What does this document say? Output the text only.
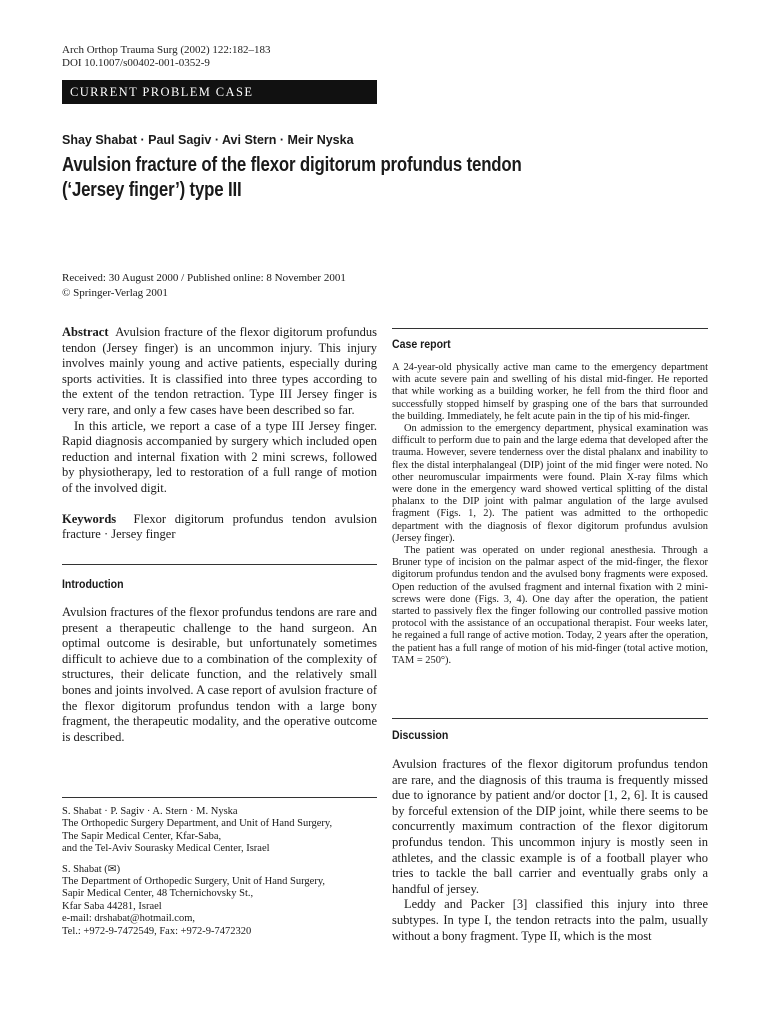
Arch Orthop Trauma Surg (2002) 122:182–183
DOI 10.1007/s00402-001-0352-9
CURRENT PROBLEM CASE
Shay Shabat · Paul Sagiv · Avi Stern · Meir Nyska
Avulsion fracture of the flexor digitorum profundus tendon (‘Jersey finger’) type III
Received: 30 August 2000 / Published online: 8 November 2001
© Springer-Verlag 2001

Abstract Avulsion fracture of the flexor digitorum profundus tendon (Jersey finger) is an uncommon injury. This injury involves mainly young and active patients, especially during sports activities. It is classified into three types according to the extent of the tendon retraction. Type III Jersey finger is very rare, and only a few cases have been described so far.

In this article, we report a case of a type III Jersey finger. Rapid diagnosis accompanied by surgery which included open reduction and internal fixation with 2 mini screws, followed by physiotherapy, led to restoration of a full range of motion of the involved digit.

Keywords Flexor digitorum profundus tendon avulsion fracture · Jersey finger

Introduction

Avulsion fractures of the flexor profundus tendons are rare and present a therapeutic challenge to the hand surgeon. An optimal outcome is desirable, but unfortunately sometimes difficult to achieve due to a combination of the complexity of structures, their delicate function, and the relatively small bones and joints involved. A case report of avulsion fracture of the flexor digitorum profundus tendon with a large bony fragment, the therapeutic modality, and the operative outcome is described.

S. Shabat · P. Sagiv · A. Stern · M. Nyska
The Orthopedic Surgery Department, and Unit of Hand Surgery,
The Sapir Medical Center, Kfar-Saba,
and the Tel-Aviv Sourasky Medical Center, Israel
S. Shabat (✉)
The Department of Orthopedic Surgery, Unit of Hand Surgery,
Sapir Medical Center, 48 Tchernichovsky St.,
Kfar Saba 44281, Israel
e-mail: drshabat@hotmail.com,
Tel.: +972-9-7472549, Fax: +972-9-7472320
Case report

A 24-year-old physically active man came to the emergency department with acute severe pain and swelling of his distal mid-finger. He reported that while working as a building worker, he fell from the third floor and successfully stopped himself by grasping one of the bars that surrounded the building. Immediately, he felt acute pain in the tip of his mid-finger.

On admission to the emergency department, physical examination was difficult to perform due to pain and the large edema that developed after the trauma. However, severe tenderness over the distal phalanx and inability to flex the distal interphalangeal (DIP) joint of the mid finger were noted. No other neuromuscular impairments were found. Plain X-ray films which were done in the emergency ward showed vertical splitting of the distal phalanx to the DIP joint with palmar angulation of the large avulsed fragment (Figs. 1, 2). The patient was admitted to the orthopedic department with the diagnosis of flexor digitorum profundus avulsion (Jersey finger).

The patient was operated on under regional anesthesia. Through a Bruner type of incision on the palmar aspect of the mid-finger, the flexor digitorum profundus tendon and the avulsed bony fragments were exposed. Open reduction of the avulsed fragment and internal fixation with 2 mini-screws were done (Figs. 3, 4). One day after the operation, the patient started to passively flex the finger following our controlled passive motion protocol with the assistance of an occupational therapist. Four weeks later, he regained a full range of active motion. Today, 2 years after the operation, the patient has a full range of motion of his mid-finger (total active motion, TAM = 250°).

Discussion

Avulsion fractures of the flexor digitorum profundus tendon are rare, and the diagnosis of this trauma is frequently missed due to ignorance by patient and/or doctor [1, 2, 6]. It is caused by forceful extension of the DIP joint, while there seems to be concurrently maximum contraction of the flexor digitorum profundus tendon. This uncommon injury is mostly seen in athletes, and the classic example is of a football player who tries to tackle the ball carrier and eventually grabs only a handful of jersey.

Leddy and Packer [3] classified this injury into three subtypes. In type I, the tendon retracts into the palm, usually without a bony fragment. Type II, which is the most
